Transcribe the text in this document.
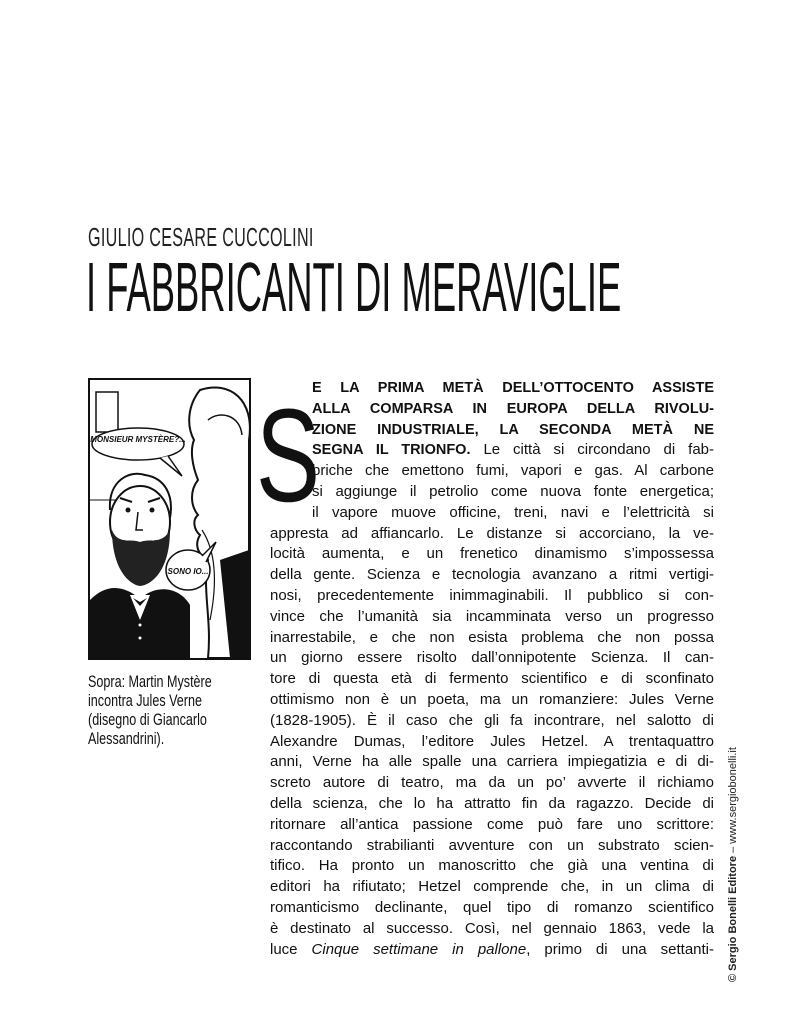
GIULIO CESARE CUCCOLINI
I FABBRICANTI DI MERAVIGLIE
MONSIEUR MYSTÈRE?...
SONO IO...
Sopra: Martin Mystère
incontra Jules Verne
(disegno di Giancarlo
Alessandrini).
S
E LA PRIMA METÀ DELL’OTTOCENTO ASSISTE
ALLA COMPARSA IN EUROPA DELLA RIVOLU-
ZIONE INDUSTRIALE, LA SECONDA METÀ NE
SEGNA IL TRIONFO. Le città si circondano di fab-
briche che emettono fumi, vapori e gas. Al carbone
si aggiunge il petrolio come nuova fonte energetica;
il vapore muove officine, treni, navi e l’elettricità si
appresta ad affiancarlo. Le distanze si accorciano, la ve-
locità aumenta, e un frenetico dinamismo s’impossessa
della gente. Scienza e tecnologia avanzano a ritmi vertigi-
nosi, precedentemente inimmaginabili. Il pubblico si con-
vince che l’umanità sia incamminata verso un progresso
inarrestabile, e che non esista problema che non possa
un giorno essere risolto dall’onnipotente Scienza. Il can-
tore di questa età di fermento scientifico e di sconfinato
ottimismo non è un poeta, ma un romanziere: Jules Verne
(1828-1905). È il caso che gli fa incontrare, nel salotto di
Alexandre Dumas, l’editore Jules Hetzel. A trentaquattro
anni, Verne ha alle spalle una carriera impiegatizia e di di-
screto autore di teatro, ma da un po’ avverte il richiamo
della scienza, che lo ha attratto fin da ragazzo. Decide di
ritornare all’antica passione come può fare uno scrittore:
raccontando strabilianti avventure con un substrato scien-
tifico. Ha pronto un manoscritto che già una ventina di
editori ha rifiutato; Hetzel comprende che, in un clima di
romanticismo declinante, quel tipo di romanzo scientifico
è destinato al successo. Così, nel gennaio 1863, vede la
luce Cinque settimane in pallone, primo di una settanti- © Sergio Bonelli Editore – www.sergiobonelli.it
